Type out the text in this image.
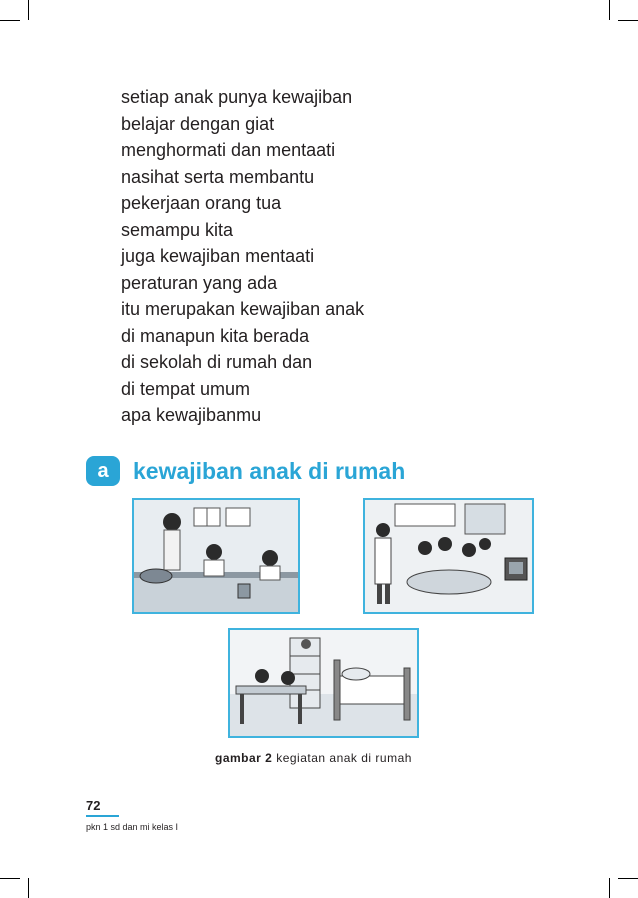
setiap anak punya kewajiban
belajar dengan giat
menghormati dan mentaati
nasihat serta membantu
pekerjaan orang tua
semampu kita
juga kewajiban mentaati
peraturan yang ada
itu merupakan kewajiban anak
di manapun kita berada
di sekolah di rumah dan
di tempat umum
apa kewajibanmu
a	kewajiban anak di rumah
gambar 2 kegiatan anak di rumah
72
pkn 1 sd dan mi kelas I
